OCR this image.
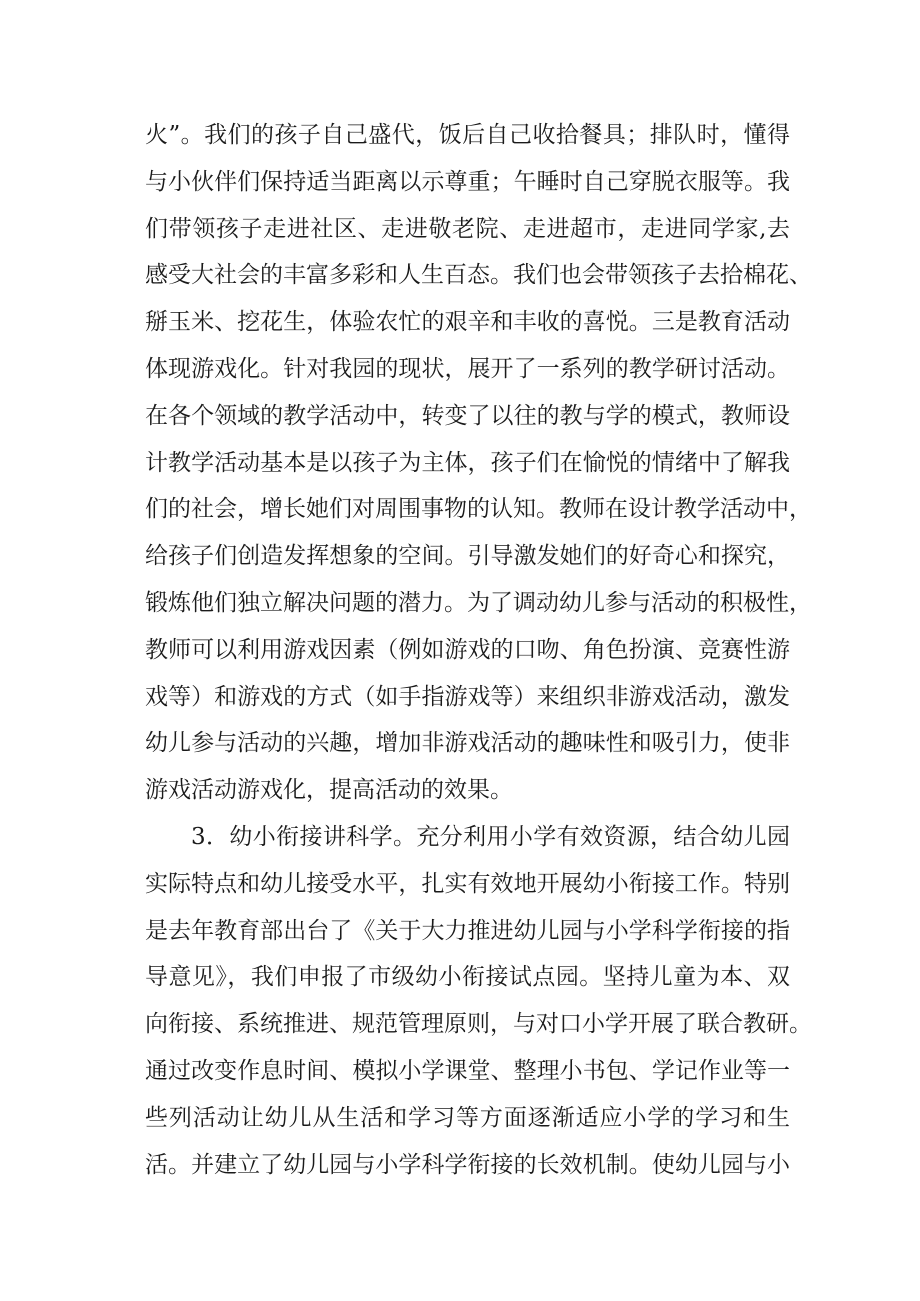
火”。我们的孩子自己盛代，饭后自己收拾餐具；排队时，懂得
与小伙伴们保持适当距离以示尊重；午睡时自己穿脱衣服等。我
们带领孩子走进社区、走进敬老院、走进超市，走进同学家,去
感受大社会的丰富多彩和人生百态。我们也会带领孩子去拾棉花、
掰玉米、挖花生，体验农忙的艰辛和丰收的喜悦。三是教育活动
体现游戏化。针对我园的现状，展开了一系列的教学研讨活动。
在各个领域的教学活动中，转变了以往的教与学的模式，教师设
计教学活动基本是以孩子为主体，孩子们在愉悦的情绪中了解我
们的社会，增长她们对周围事物的认知。教师在设计教学活动中，
给孩子们创造发挥想象的空间。引导激发她们的好奇心和探究，
锻炼他们独立解决问题的潜力。为了调动幼儿参与活动的积极性，
教师可以利用游戏因素（例如游戏的口吻、角色扮演、竞赛性游
戏等）和游戏的方式（如手指游戏等）来组织非游戏活动，激发
幼儿参与活动的兴趣，增加非游戏活动的趣味性和吸引力，使非
游戏活动游戏化，提高活动的效果。
3．幼小衔接讲科学。充分利用小学有效资源，结合幼儿园
实际特点和幼儿接受水平，扎实有效地开展幼小衔接工作。特别
是去年教育部出台了《关于大力推进幼儿园与小学科学衔接的指
导意见》，我们申报了市级幼小衔接试点园。坚持儿童为本、双
向衔接、系统推进、规范管理原则，与对口小学开展了联合教研。
通过改变作息时间、模拟小学课堂、整理小书包、学记作业等一
些列活动让幼儿从生活和学习等方面逐渐适应小学的学习和生
活。并建立了幼儿园与小学科学衔接的长效机制。使幼儿园与小
